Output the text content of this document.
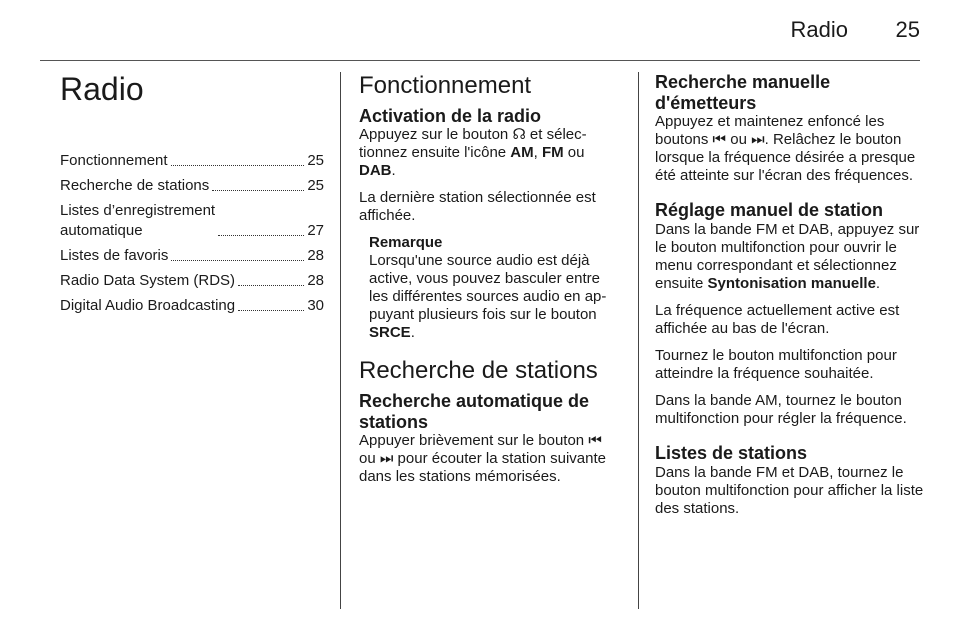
Radio 25
Radio
Fonctionnement	25
Recherche de stations	25
Listes d’enregistrement
automatique	27
Listes de favoris	28
Radio Data System (RDS)	28
Digital Audio Broadcasting	30
Fonctionnement
Activation de la radio

Appuyez sur le bouton ☊ et sélectionnez ensuite l'icône AM, FM ou DAB.

La dernière station sélectionnée est affichée.

Remarque
Lorsqu'une source audio est déjà active, vous pouvez basculer entre les différentes sources audio en appuyant plusieurs fois sur le bouton SRCE.
Recherche de stations
Recherche automatique de stations

Appuyer brièvement sur le bouton ⏮ ou ⏭ pour écouter la station suivante dans les stations mémorisées.

Recherche manuelle d'émetteurs

Appuyez et maintenez enfoncé les boutons ⏮ ou ⏭. Relâchez le bouton lorsque la fréquence désirée a presque été atteinte sur l'écran des fréquences.

Réglage manuel de station

Dans la bande FM et DAB, appuyez sur le bouton multifonction pour ouvrir le menu correspondant et sélectionnez ensuite Syntonisation manuelle.

La fréquence actuellement active est affichée au bas de l'écran.

Tournez le bouton multifonction pour atteindre la fréquence souhaitée.

Dans la bande AM, tournez le bouton multifonction pour régler la fréquence.

Listes de stations

Dans la bande FM et DAB, tournez le bouton multifonction pour afficher la liste des stations.
